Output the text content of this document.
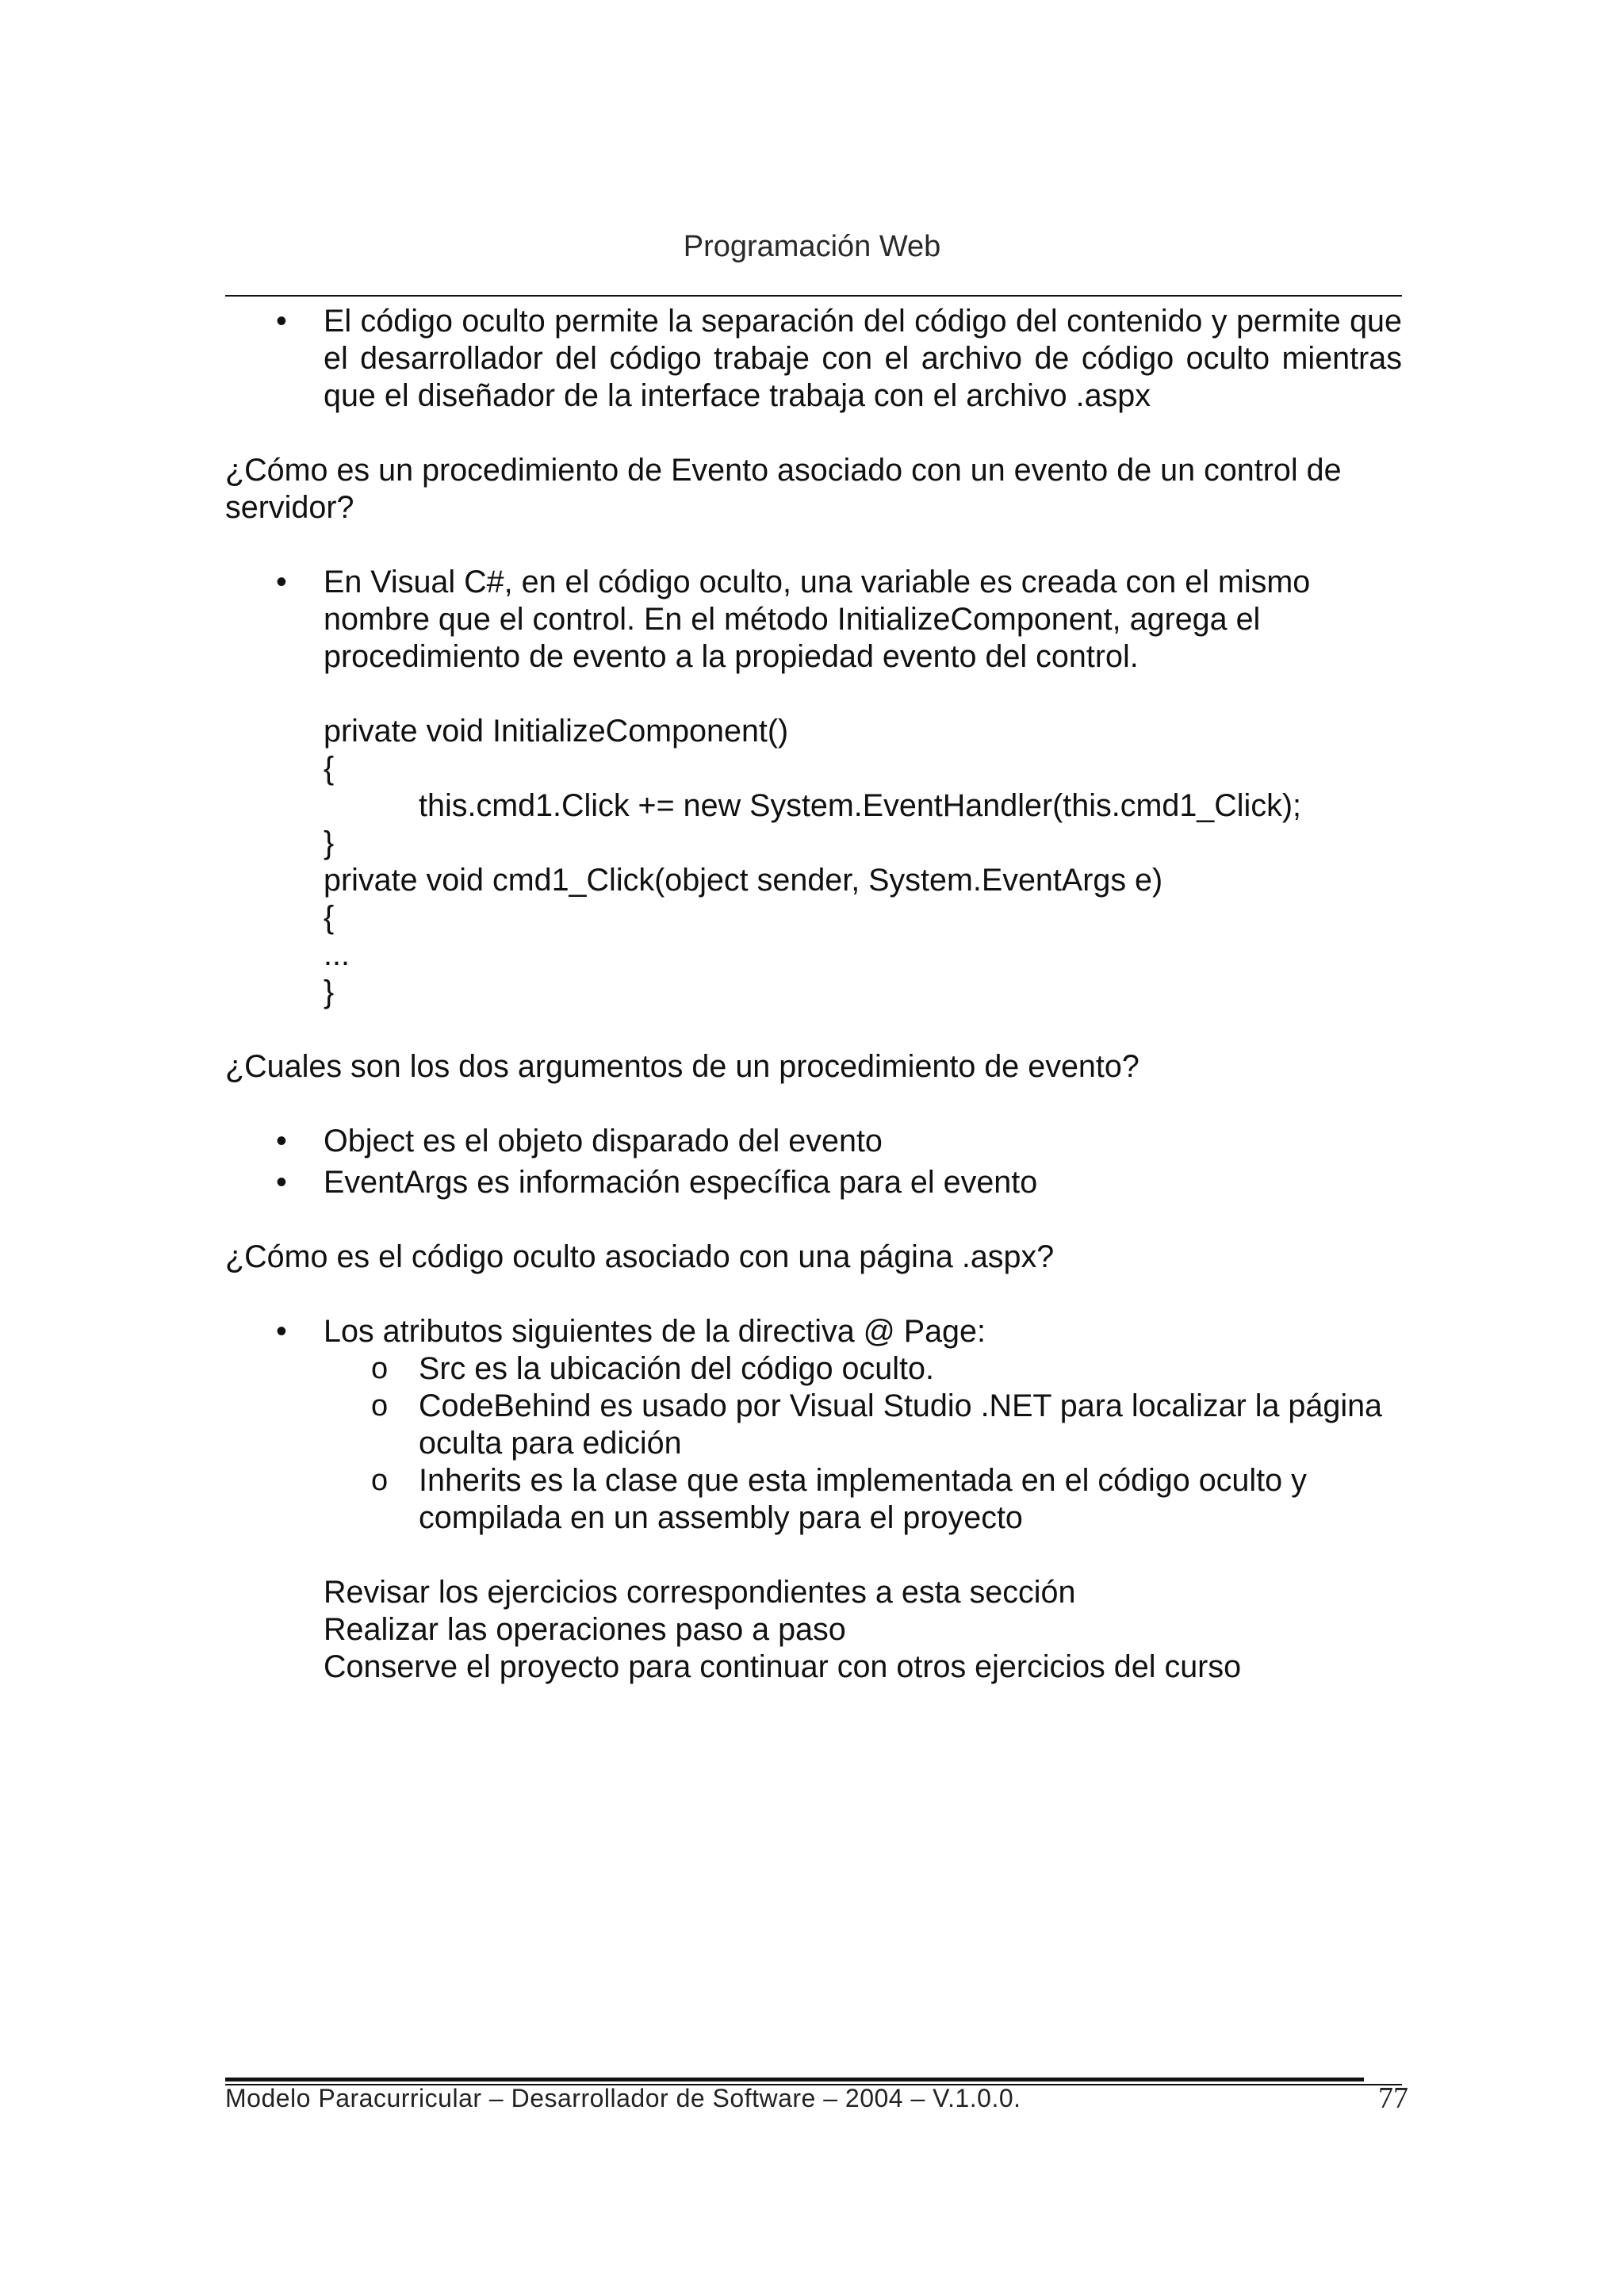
Programación Web
• El código oculto permite la separación del código del contenido y permite que el desarrollador del código trabaje con el archivo de código oculto mientras que el diseñador de la interface trabaja con el archivo .aspx

¿Cómo es un procedimiento de Evento asociado con un evento de un control de servidor?

• En Visual C#, en el código oculto, una variable es creada con el mismo nombre que el control. En el método InitializeComponent, agrega el procedimiento de evento a la propiedad evento del control.
private void InitializeComponent()
{
this.cmd1.Click += new System.EventHandler(this.cmd1_Click);
}
private void cmd1_Click(object sender, System.EventArgs e)
{
...
}

¿Cuales son los dos argumentos de un procedimiento de evento?

• Object es el objeto disparado del evento
• EventArgs es información específica para el evento

¿Cómo es el código oculto asociado con una página .aspx?

• Los atributos siguientes de la directiva @ Page:
o Src es la ubicación del código oculto.
o CodeBehind es usado por Visual Studio .NET para localizar la página oculta para edición
o Inherits es la clase que esta implementada en el código oculto y compilada en un assembly para el proyecto
Revisar los ejercicios correspondientes a esta sección
Realizar las operaciones paso a paso
Conserve el proyecto para continuar con otros ejercicios del curso
Modelo Paracurricular – Desarrollador de Software – 2004 – V.1.0.0.	77
